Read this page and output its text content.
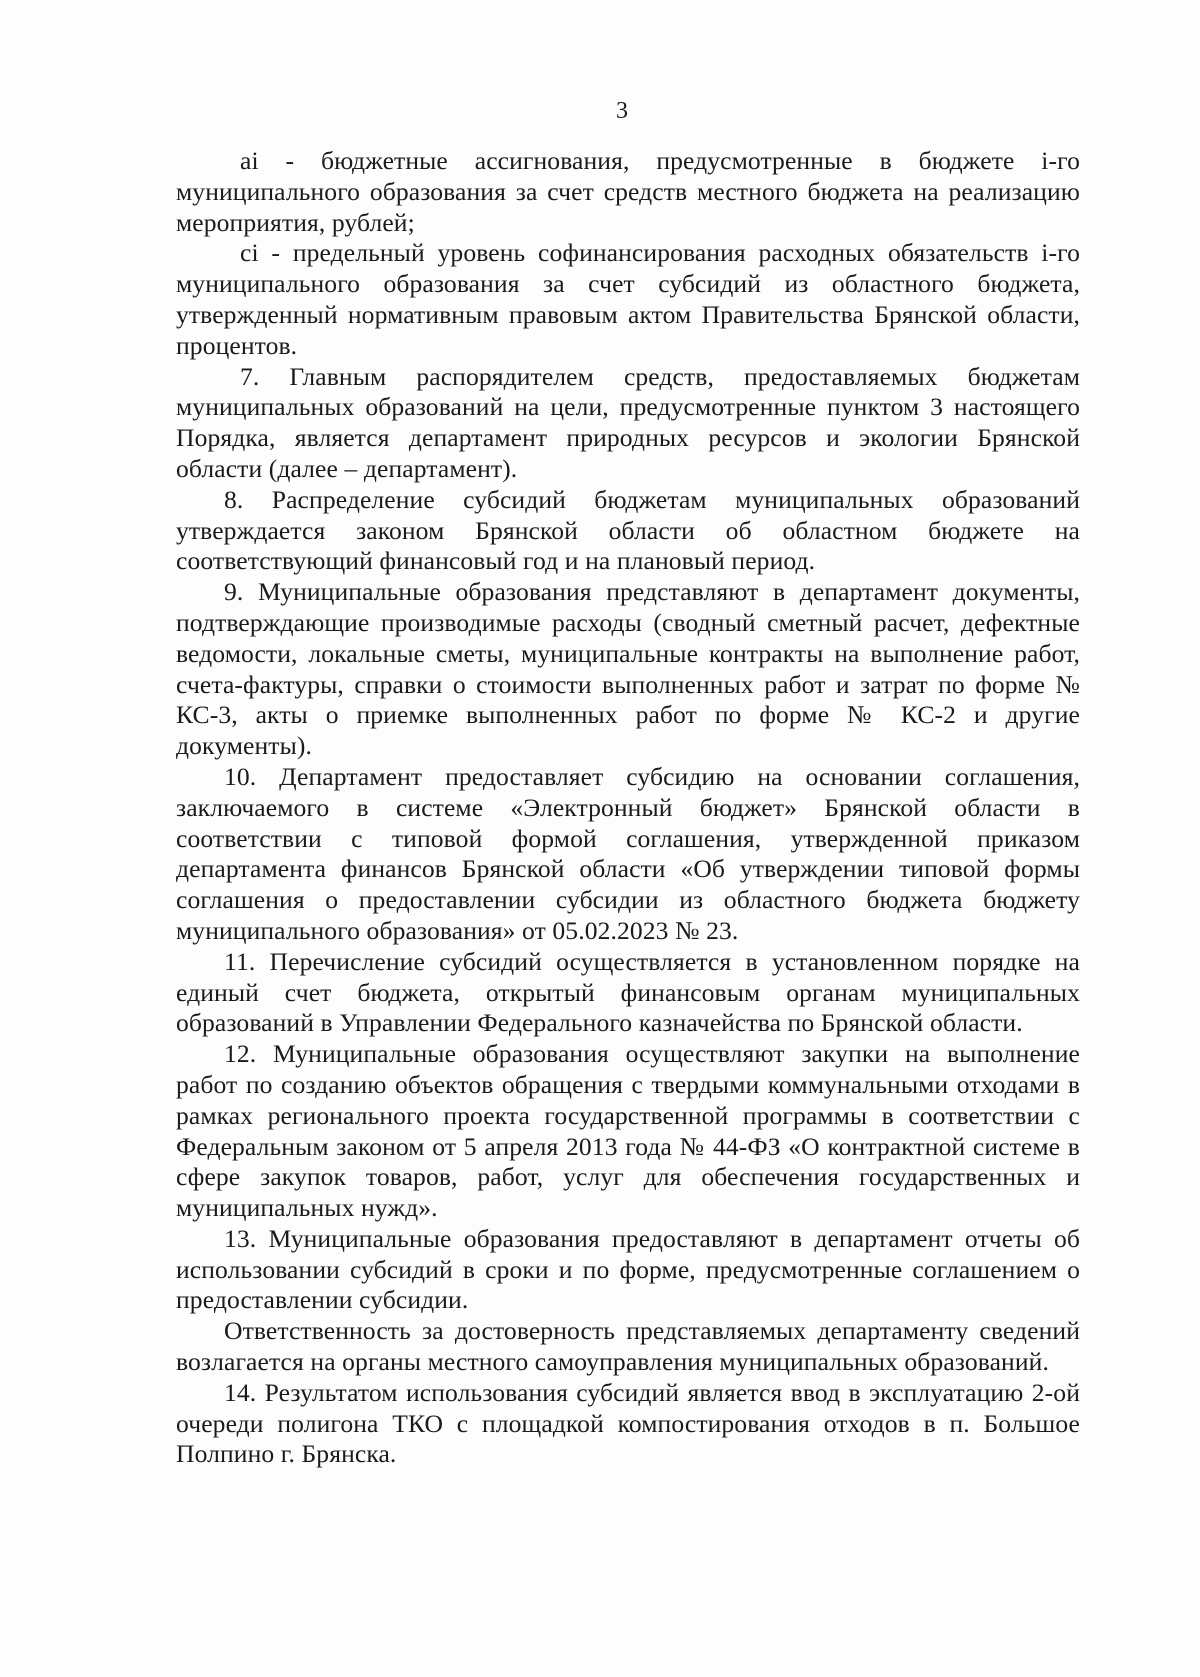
3

ai - бюджетные ассигнования, предусмотренные в бюджете i-го муниципального образования за счет средств местного бюджета на реализацию мероприятия, рублей;

ci - предельный уровень софинансирования расходных обязательств i-го муниципального образования за счет субсидий из областного бюджета, утвержденный нормативным правовым актом Правительства Брянской области, процентов.

7. Главным распорядителем средств, предоставляемых бюджетам муниципальных образований на цели, предусмотренные пунктом 3 настоящего Порядка, является департамент природных ресурсов и экологии Брянской области (далее – департамент).

8. Распределение субсидий бюджетам муниципальных образований утверждается законом Брянской области об областном бюджете на соответствующий финансовый год и на плановый период.

9. Муниципальные образования представляют в департамент документы, подтверждающие производимые расходы (сводный сметный расчет, дефектные ведомости, локальные сметы, муниципальные контракты на выполнение работ, счета-фактуры, справки о стоимости выполненных работ и затрат по форме № КС-3, акты о приемке выполненных работ по форме № КС-2 и другие документы).

10. Департамент предоставляет субсидию на основании соглашения, заключаемого в системе «Электронный бюджет» Брянской области в соответствии с типовой формой соглашения, утвержденной приказом департамента финансов Брянской области «Об утверждении типовой формы соглашения о предоставлении субсидии из областного бюджета бюджету муниципального образования» от 05.02.2023 № 23.

11. Перечисление субсидий осуществляется в установленном порядке на единый счет бюджета, открытый финансовым органам муниципальных образований в Управлении Федерального казначейства по Брянской области.

12. Муниципальные образования осуществляют закупки на выполнение работ по созданию объектов обращения с твердыми коммунальными отходами в рамках регионального проекта государственной программы в соответствии с Федеральным законом от 5 апреля 2013 года № 44-ФЗ «О контрактной системе в сфере закупок товаров, работ, услуг для обеспечения государственных и муниципальных нужд».

13. Муниципальные образования предоставляют в департамент отчеты об использовании субсидий в сроки и по форме, предусмотренные соглашением о предоставлении субсидии.

Ответственность за достоверность представляемых департаменту сведений возлагается на органы местного самоуправления муниципальных образований.

14. Результатом использования субсидий является ввод в эксплуатацию 2-ой очереди полигона ТКО с площадкой компостирования отходов в п. Большое Полпино г. Брянска.
